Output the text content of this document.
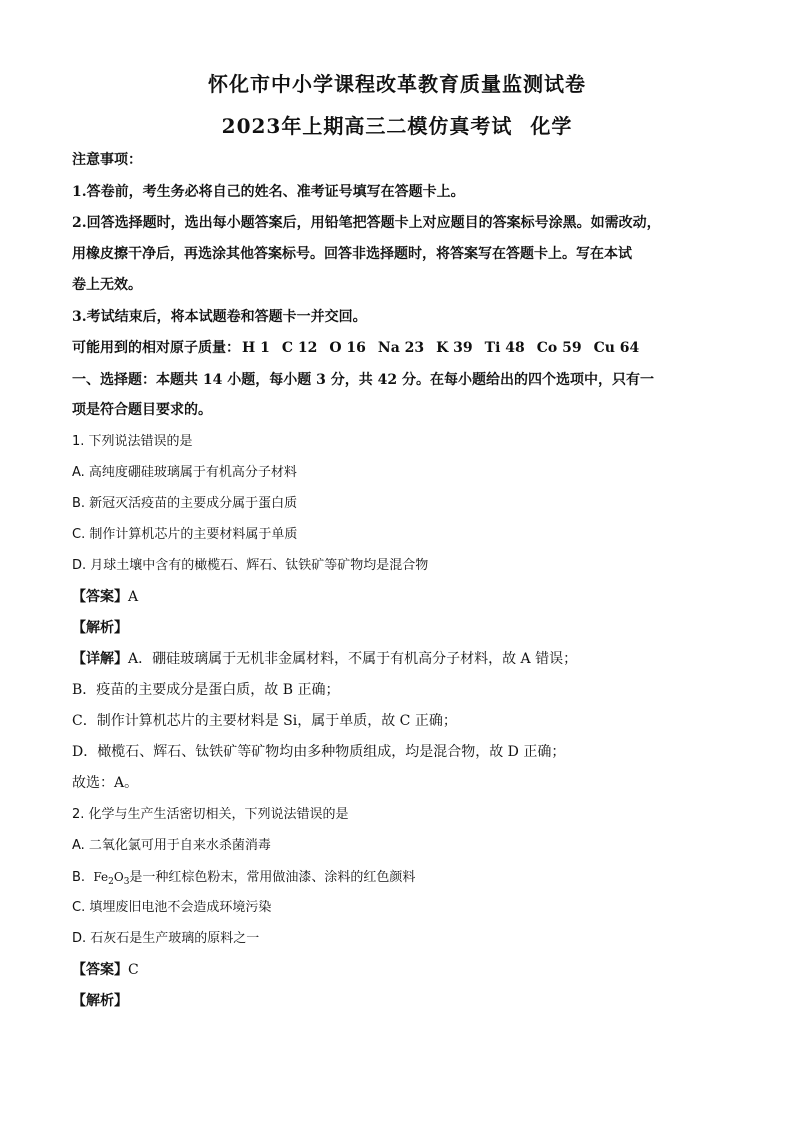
怀化市中小学课程改革教育质量监测试卷
2023年上期高三二模仿真考试 化学
注意事项：
1.答卷前，考生务必将自己的姓名、准考证号填写在答题卡上。
2.回答选择题时，选出每小题答案后，用铅笔把答题卡上对应题目的答案标号涂黑。如需改动，
用橡皮擦干净后，再选涂其他答案标号。回答非选择题时，将答案写在答题卡上。写在本试
卷上无效。
3.考试结束后，将本试题卷和答题卡一并交回。
可能用到的相对原子质量： H 1 C 12 O 16 Na 23 K 39 Ti 48 Co 59 Cu 64
一、选择题：本题共 14 小题，每小题 3 分，共 42 分。在每小题给出的四个选项中，只有一
项是符合题目要求的。
1. 下列说法错误的是
A. 高纯度硼硅玻璃属于有机高分子材料
B. 新冠灭活疫苗的主要成分属于蛋白质
C. 制作计算机芯片的主要材料属于单质
D. 月球土壤中含有的橄榄石、辉石、钛铁矿等矿物均是混合物
【答案】A
【解析】
【详解】A．硼硅玻璃属于无机非金属材料，不属于有机高分子材料，故 A 错误；
B．疫苗的主要成分是蛋白质，故 B 正确；
C．制作计算机芯片的主要材料是 Si，属于单质，故 C 正确；
D．橄榄石、辉石、钛铁矿等矿物均由多种物质组成，均是混合物，故 D 正确；
故选：A。
2. 化学与生产生活密切相关，下列说法错误的是
A. 二氧化氯可用于自来水杀菌消毒
B. $Fe_2O_3$是一种红棕色粉末，常用做油漆、涂料的红色颜料
C. 填埋废旧电池不会造成环境污染
D. 石灰石是生产玻璃的原料之一
【答案】C
【解析】
